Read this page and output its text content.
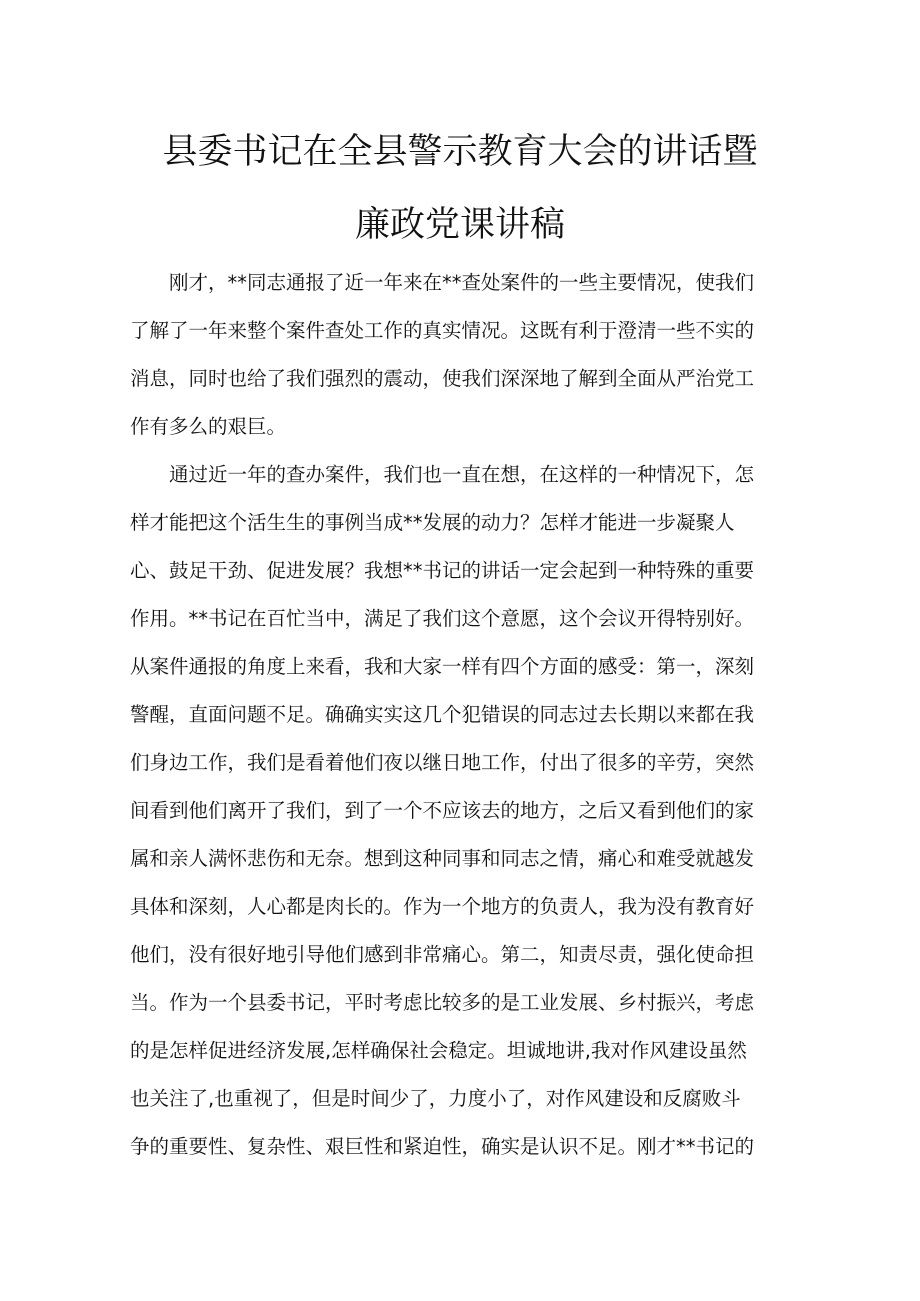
县委书记在全县警示教育大会的讲话暨
廉政党课讲稿
　　刚才，**同志通报了近一年来在**查处案件的一些主要情况，使我们
了解了一年来整个案件查处工作的真实情况。这既有利于澄清一些不实的
消息，同时也给了我们强烈的震动，使我们深深地了解到全面从严治党工
作有多么的艰巨。
　　通过近一年的查办案件，我们也一直在想，在这样的一种情况下，怎
样才能把这个活生生的事例当成**发展的动力？怎样才能进一步凝聚人
心、鼓足干劲、促进发展？我想**书记的讲话一定会起到一种特殊的重要
作用。**书记在百忙当中，满足了我们这个意愿，这个会议开得特别好。
从案件通报的角度上来看，我和大家一样有四个方面的感受：第一，深刻
警醒，直面问题不足。确确实实这几个犯错误的同志过去长期以来都在我
们身边工作，我们是看着他们夜以继日地工作，付出了很多的辛劳，突然
间看到他们离开了我们，到了一个不应该去的地方，之后又看到他们的家
属和亲人满怀悲伤和无奈。想到这种同事和同志之情，痛心和难受就越发
具体和深刻，人心都是肉长的。作为一个地方的负责人，我为没有教育好
他们，没有很好地引导他们感到非常痛心。第二，知责尽责，强化使命担
当。作为一个县委书记，平时考虑比较多的是工业发展、乡村振兴，考虑
的是怎样促进经济发展,怎样确保社会稳定。坦诚地讲,我对作风建设虽然
也关注了,也重视了，但是时间少了，力度小了，对作风建设和反腐败斗
争的重要性、复杂性、艰巨性和紧迫性，确实是认识不足。刚才**书记的
